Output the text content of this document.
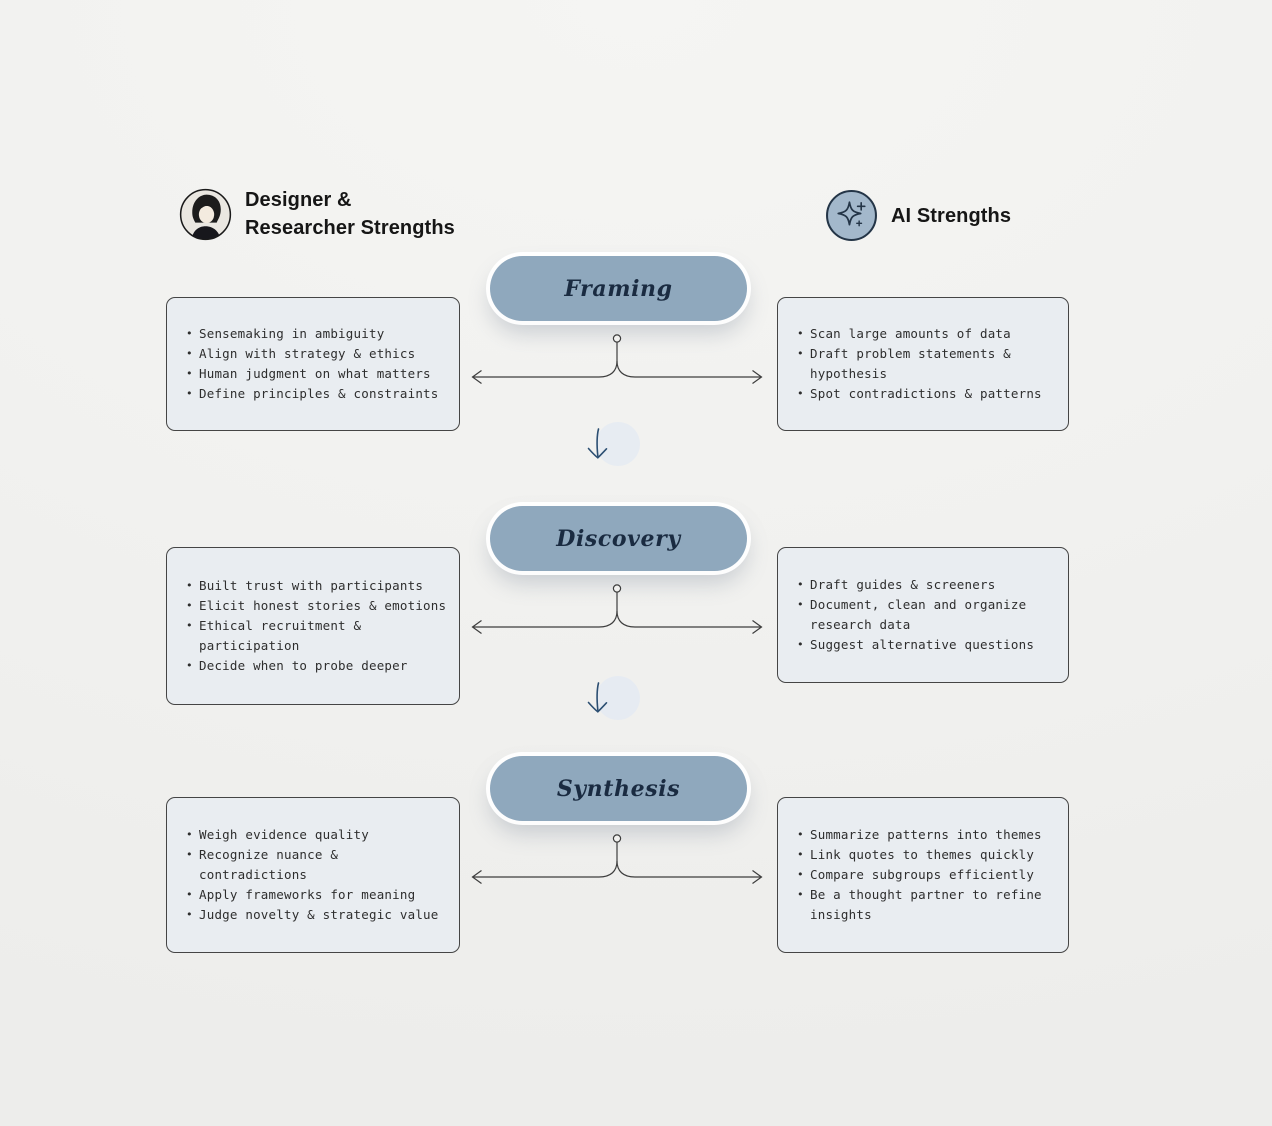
Designer &
Researcher Strengths
AI Strengths
Framing
• Sensemaking in ambiguity
• Align with strategy & ethics
• Human judgment on what matters
• Define principles & constraints
• Scan large amounts of data
• Draft problem statements & hypothesis
• Spot contradictions & patterns
Discovery
• Built trust with participants
• Elicit honest stories & emotions
• Ethical recruitment & participation
• Decide when to probe deeper
• Draft guides & screeners
• Document, clean and organize research data
• Suggest alternative questions
Synthesis
• Weigh evidence quality
• Recognize nuance & contradictions
• Apply frameworks for meaning
• Judge novelty & strategic value
• Summarize patterns into themes
• Link quotes to themes quickly
• Compare subgroups efficiently
• Be a thought partner to refine insights
